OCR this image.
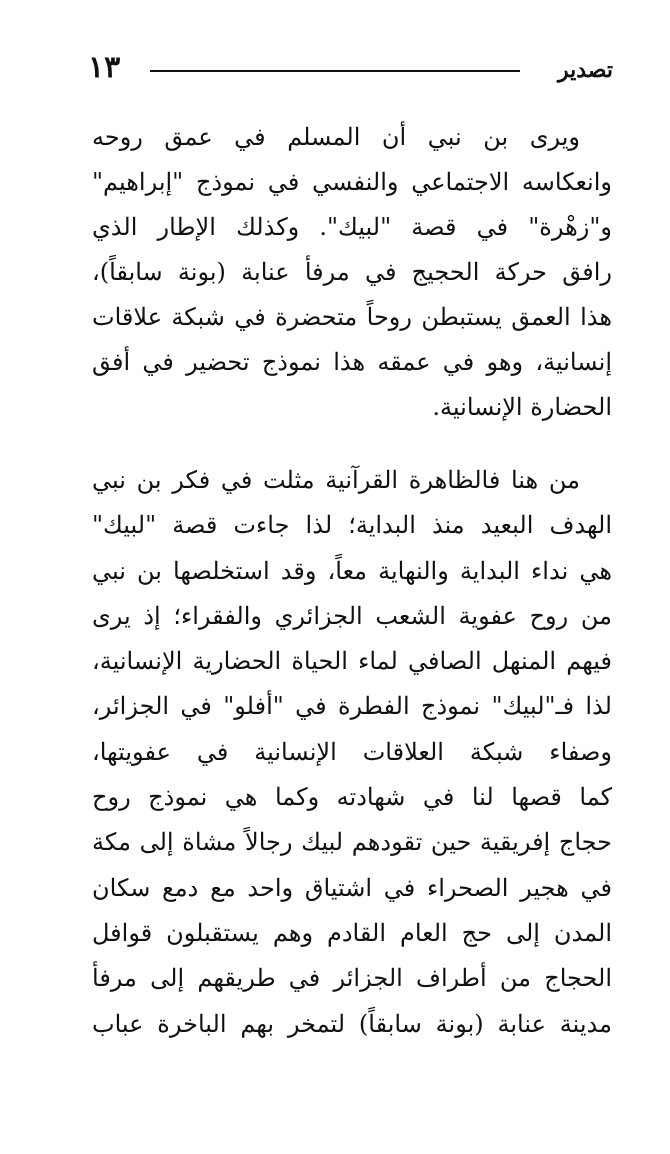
١٣	تصدير
ويرى بن نبي أن المسلم في عمق روحه
وانعكاسه الاجتماعي والنفسي في نموذج "إبراهيم"
و"زهْرة" في قصة "لبيك". وكذلك الإطار الذي
رافق حركة الحجيج في مرفأ عنابة (بونة سابقاً)،
هذا العمق يستبطن روحاً متحضرة في شبكة علاقات
إنسانية، وهو في عمقه هذا نموذج تحضير في أفق
الحضارة الإنسانية.
من هنا فالظاهرة القرآنية مثلت في فكر بن نبي
الهدف البعيد منذ البداية؛ لذا جاءت قصة "لبيك"
هي نداء البداية والنهاية معاً، وقد استخلصها بن نبي
من روح عفوية الشعب الجزائري والفقراء؛ إذ يرى
فيهم المنهل الصافي لماء الحياة الحضارية الإنسانية،
لذا فـ"لبيك" نموذج الفطرة في "أفلو" في الجزائر،
وصفاء شبكة العلاقات الإنسانية في عفويتها،
كما قصها لنا في شهادته وكما هي نموذج روح
حجاج إفريقية حين تقودهم لبيك رجالاً مشاة إلى مكة
في هجير الصحراء في اشتياق واحد مع دمع سكان
المدن إلى حج العام القادم وهم يستقبلون قوافل
الحجاج من أطراف الجزائر في طريقهم إلى مرفأ
مدينة عنابة (بونة سابقاً) لتمخر بهم الباخرة عباب
